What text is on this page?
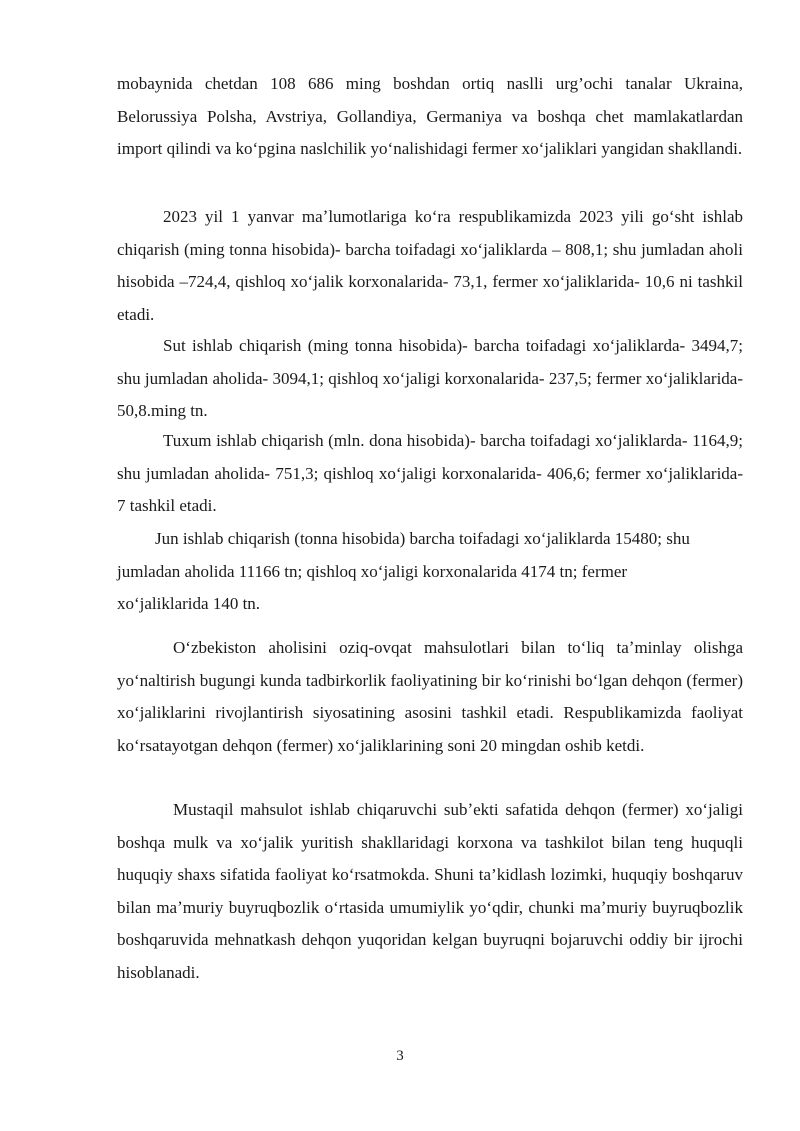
mobaynida chetdan 108 686 ming boshdan ortiq naslli urg’ochi tanalar Ukraina, Belorussiya Polsha, Avstriya, Gollandiya, Germaniya va boshqa chet mamlakatlardan import qilindi va koʻpgina naslchilik yoʻnalishidagi fermer xoʻjaliklari yangidan shakllandi.

2023 yil 1 yanvar maʼlumotlariga koʻra respublikamizda 2023 yili goʻsht ishlab chiqarish (ming tonna hisobida)- barcha toifadagi xoʻjaliklarda – 808,1; shu jumladan aholi hisobida –724,4, qishloq xoʻjalik korxonalarida- 73,1, fermer xoʻjaliklarida- 10,6 ni tashkil etadi.

Sut ishlab chiqarish (ming tonna hisobida)- barcha toifadagi xoʻjaliklarda- 3494,7; shu jumladan aholida- 3094,1; qishloq xoʻjaligi korxonalarida- 237,5; fermer xoʻjaliklarida- 50,8.ming tn.

Tuxum ishlab chiqarish (mln. dona hisobida)- barcha toifadagi xoʻjaliklarda- 1164,9; shu jumladan aholida- 751,3; qishloq xoʻjaligi korxonalarida- 406,6; fermer xoʻjaliklarida- 7 tashkil etadi.

Jun ishlab chiqarish (tonna hisobida) barcha toifadagi xoʻjaliklarda 15480; shu jumladan aholida 11166 tn; qishloq xoʻjaligi korxonalarida 4174 tn; fermer xoʻjaliklarida 140 tn.

Oʻzbekiston aholisini oziq-ovqat mahsulotlari bilan toʻliq taʼminlay olishga yoʻnaltirish bugungi kunda tadbirkorlik faoliyatining bir koʻrinishi boʻlgan dehqon (fermer) xoʻjaliklarini rivojlantirish siyosatining asosini tashkil etadi. Respublikamizda faoliyat koʻrsatayotgan dehqon (fermer) xoʻjaliklarining soni 20 mingdan oshib ketdi.

Mustaqil mahsulot ishlab chiqaruvchi subʼekti safatida dehqon (fermer) xoʻjaligi boshqa mulk va xoʻjalik yuritish shakllaridagi korxona va tashkilot bilan teng huquqli huquqiy shaxs sifatida faoliyat koʻrsatmokda. Shuni ta’kidlash lozimki, huquqiy boshqaruv bilan maʼmuriy buyruqbozlik oʻrtasida umumiylik yoʻqdir, chunki maʼmuriy buyruqbozlik boshqaruvida mehnatkash dehqon yuqoridan kelgan buyruqni bojaruvchi oddiy bir ijrochi hisoblanadi.

3
